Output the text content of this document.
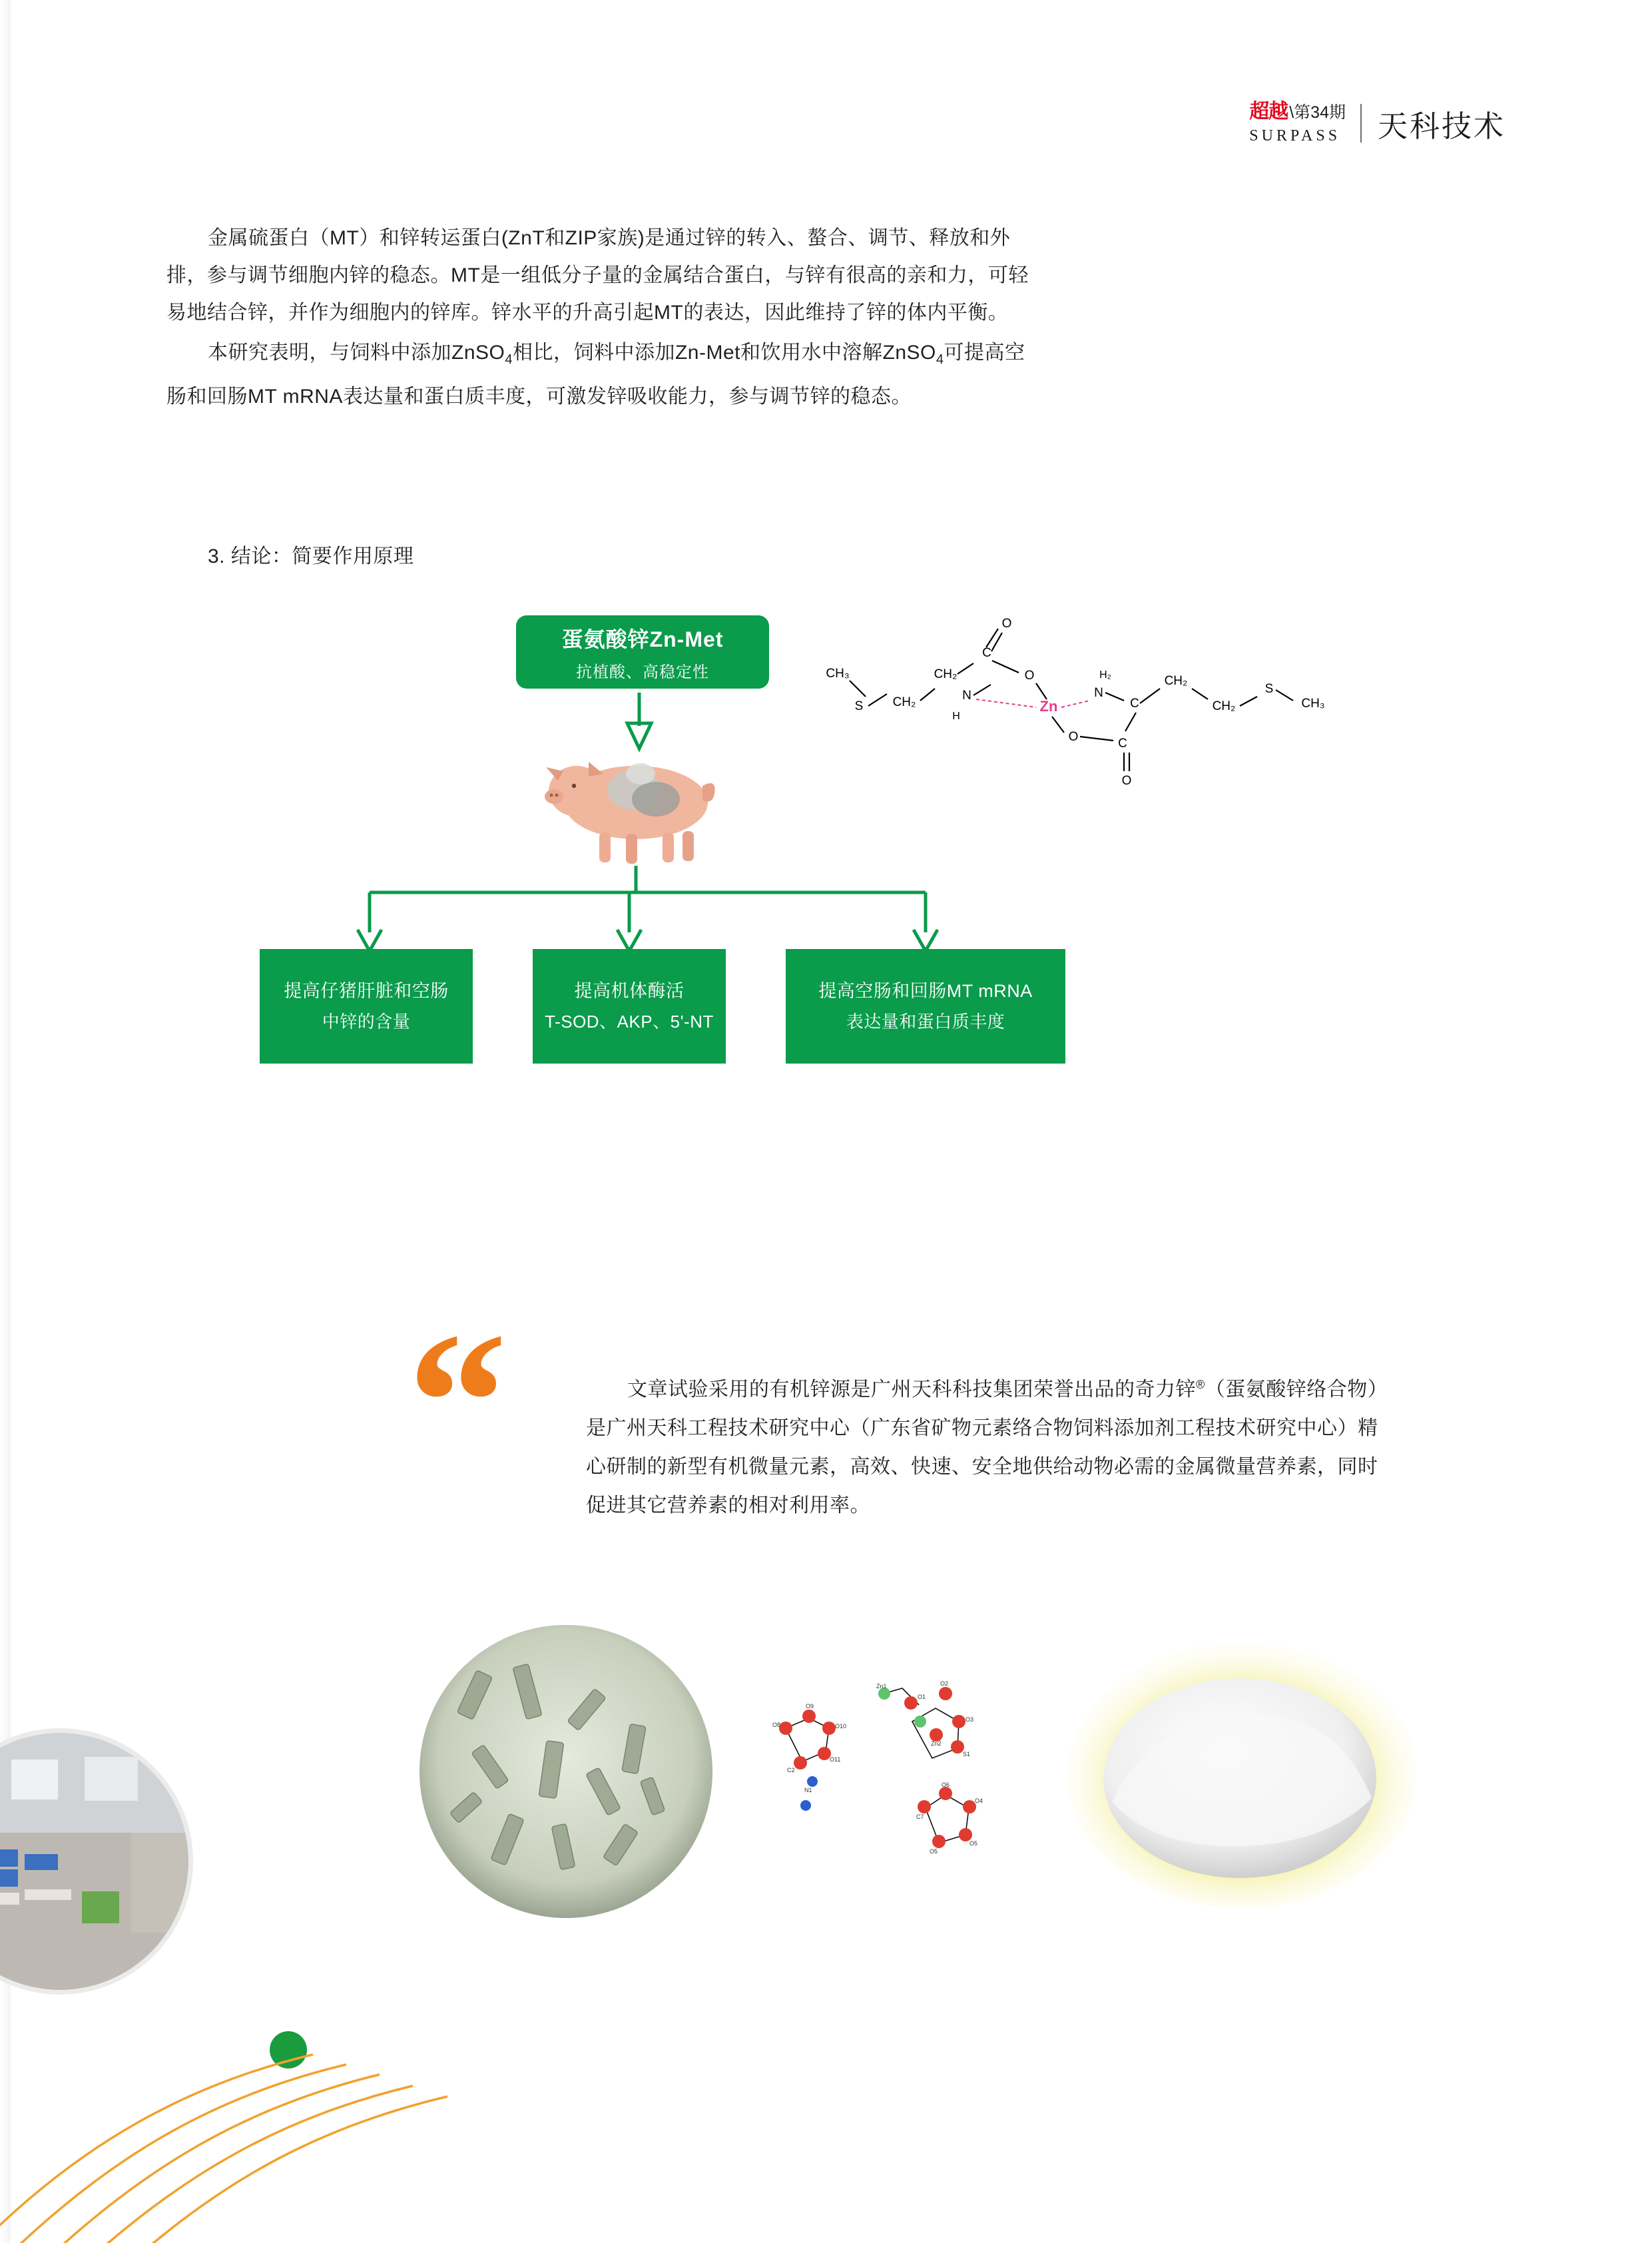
超越 \第34期
SURPASS 天科技术

金属硫蛋白（MT）和锌转运蛋白(ZnT和ZIP家族)是通过锌的转入、螯合、调节、释放和外排，参与调节细胞内锌的稳态。MT是一组低分子量的金属结合蛋白，与锌有很高的亲和力，可轻易地结合锌，并作为细胞内的锌库。锌水平的升高引起MT的表达，因此维持了锌的体内平衡。

本研究表明，与饲料中添加ZnSO$_4$相比，饲料中添加Zn-Met和饮用水中溶解ZnSO$_4$可提高空肠和回肠MT mRNA表达量和蛋白质丰度，可激发锌吸收能力，参与调节锌的稳态。

3. 结论：简要作用原理
蛋氨酸锌Zn-Met
抗植酸、高稳定性	CH₃
S CH₂
CH₂
C
O
O
N
Zn
N
H₂
C
H
CH₂
CH₂
S
CH₃
O	C
O
提高仔猪肝脏和空肠
中锌的含量
提高机体酶活
T-SOD、AKP、5'-NT
提高空肠和回肠MT mRNA
表达量和蛋白质丰度
“	文章试验采用的有机锌源是广州天科科技集团荣誉出品的奇力锌®（蛋氨酸锌络合物）是广州天科工程技术研究中心（广东省矿物元素络合物饲料添加剂工程技术研究中心）精心研制的新型有机微量元素，高效、快速、安全地供给动物必需的金属微量营养素，同时促进其它营养素的相对利用率。

O8
O9
O10
O11
C2
Zn1
O1
O2
O3
Zn2
S1
C7
O6
O4
O5
O5
N1
